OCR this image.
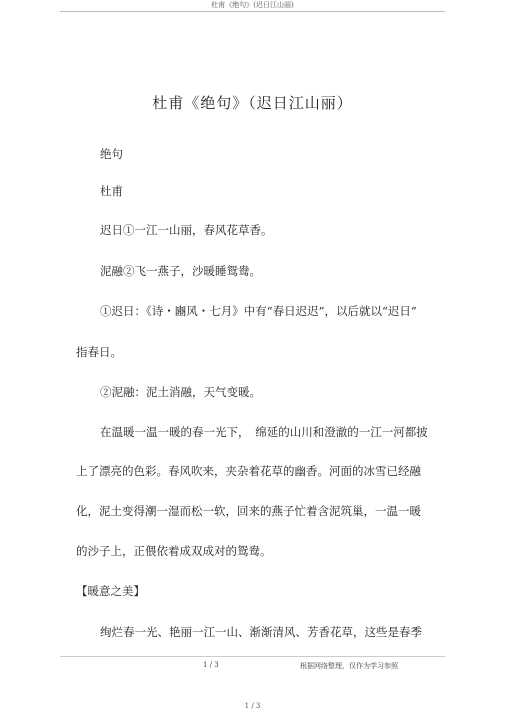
杜甫《绝句》(迟日江山丽)
杜甫《绝句》（迟日江山丽）
绝句
杜甫
迟日①一江一山丽，春风花草香。
泥融②飞一燕子，沙暖睡鸳鸯。
①迟日：《诗・豳风・七月》中有“春日迟迟”，以后就以“迟日”
指春日。
②泥融：泥土消融，天气变暖。
在温暖一温一暖的春一光下，　绵延的山川和澄澈的一江一河都披
上了漂亮的色彩。春风吹来，夹杂着花草的幽香。河面的冰雪已经融
化，泥土变得潮一湿而松一软，回来的燕子忙着含泥筑巢，一温一暖
的沙子上，正偎依着成双成对的鸳鸯。
【暖意之美】
绚烂春一光、艳丽一江一山、渐渐清风、芳香花草，这些是春季
1 / 3	根据网络整理，仅作为学习参照
1 / 3
